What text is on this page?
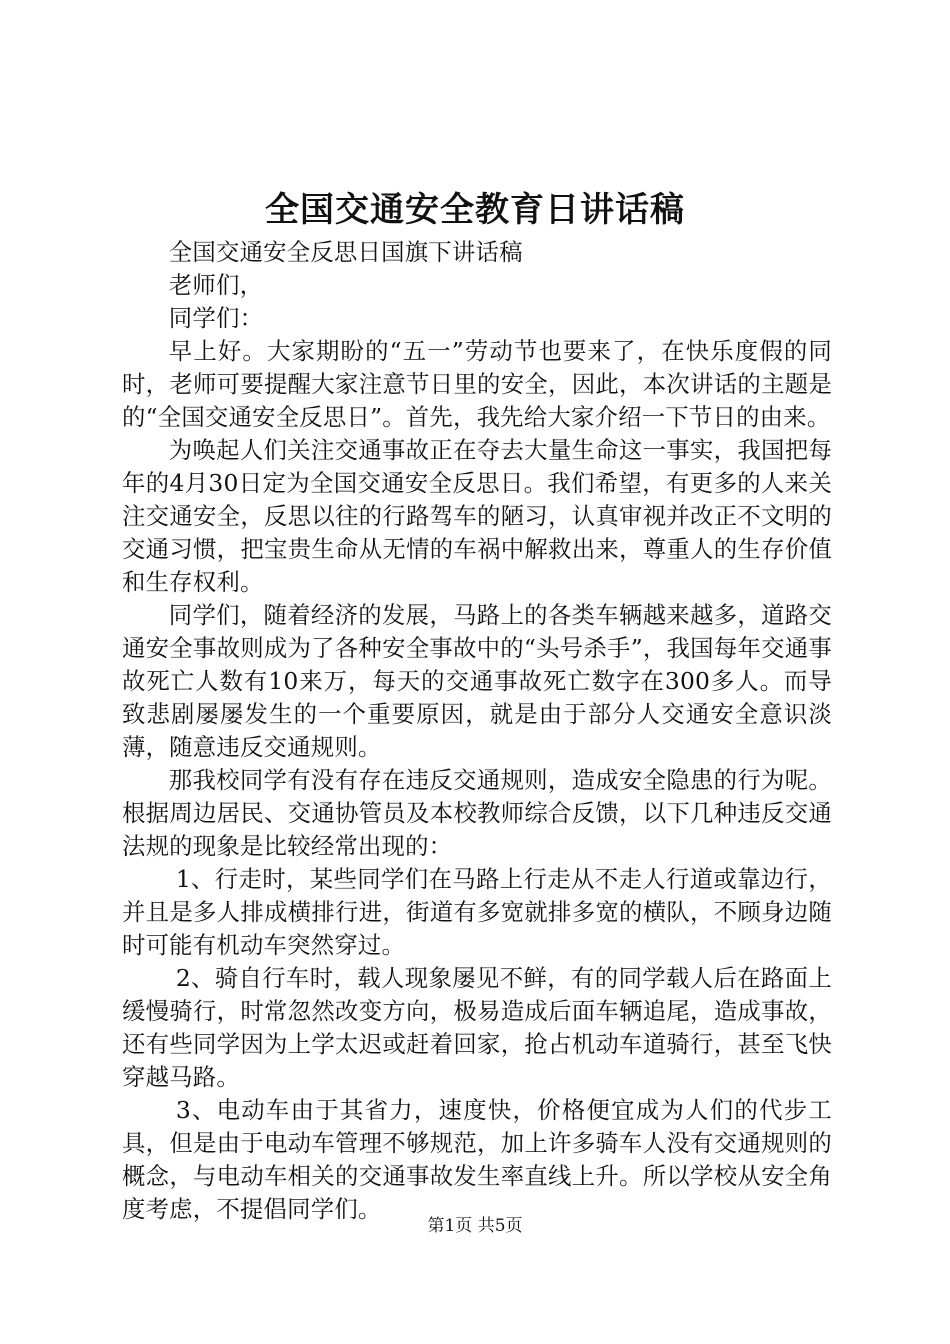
全国交通安全教育日讲话稿

全国交通安全反思日国旗下讲话稿

老师们，

同学们：

早上好。大家期盼的“五一”劳动节也要来了，在快乐度假的同时，老师可要提醒大家注意节日里的安全，因此，本次讲话的主题是的“全国交通安全反思日”。首先，我先给大家介绍一下节日的由来。

为唤起人们关注交通事故正在夺去大量生命这一事实，我国把每年的4月30日定为全国交通安全反思日。我们希望，有更多的人来关注交通安全，反思以往的行路驾车的陋习，认真审视并改正不文明的交通习惯，把宝贵生命从无情的车祸中解救出来，尊重人的生存价值和生存权利。

同学们，随着经济的发展，马路上的各类车辆越来越多，道路交通安全事故则成为了各种安全事故中的“头号杀手”，我国每年交通事故死亡人数有10来万，每天的交通事故死亡数字在300多人。而导致悲剧屡屡发生的一个重要原因，就是由于部分人交通安全意识淡薄，随意违反交通规则。

那我校同学有没有存在违反交通规则，造成安全隐患的行为呢。根据周边居民、交通协管员及本校教师综合反馈，以下几种违反交通法规的现象是比较经常出现的：

1、行走时，某些同学们在马路上行走从不走人行道或靠边行，并且是多人排成横排行进，街道有多宽就排多宽的横队，不顾身边随时可能有机动车突然穿过。

2、骑自行车时，载人现象屡见不鲜，有的同学载人后在路面上缓慢骑行，时常忽然改变方向，极易造成后面车辆追尾，造成事故，还有些同学因为上学太迟或赶着回家，抢占机动车道骑行，甚至飞快穿越马路。

3、电动车由于其省力，速度快，价格便宜成为人们的代步工具，但是由于电动车管理不够规范，加上许多骑车人没有交通规则的概念，与电动车相关的交通事故发生率直线上升。所以学校从安全角度考虑，不提倡同学们。

第1页 共5页
